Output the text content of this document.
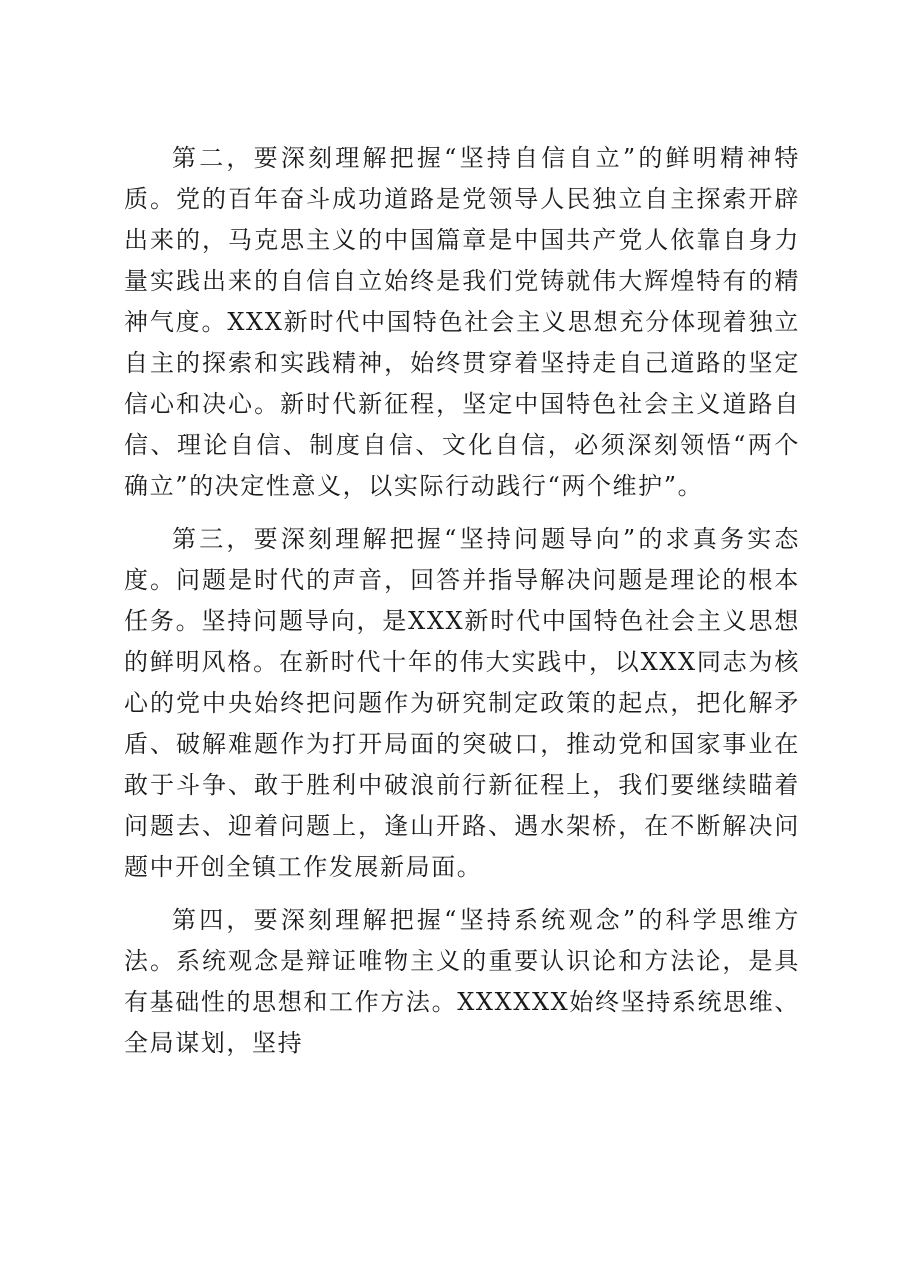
第二，要深刻理解把握“坚持自信自立”的鲜明精神特质。党的百年奋斗成功道路是党领导人民独立自主探索开辟出来的，马克思主义的中国篇章是中国共产党人依靠自身力量实践出来的自信自立始终是我们党铸就伟大辉煌特有的精神气度。XXX新时代中国特色社会主义思想充分体现着独立自主的探索和实践精神，始终贯穿着坚持走自己道路的坚定信心和决心。新时代新征程，坚定中国特色社会主义道路自信、理论自信、制度自信、文化自信，必须深刻领悟“两个确立”的决定性意义，以实际行动践行“两个维护”。

第三，要深刻理解把握“坚持问题导向”的求真务实态度。问题是时代的声音，回答并指导解决问题是理论的根本任务。坚持问题导向，是XXX新时代中国特色社会主义思想的鲜明风格。在新时代十年的伟大实践中，以XXX同志为核心的党中央始终把问题作为研究制定政策的起点，把化解矛盾、破解难题作为打开局面的突破口，推动党和国家事业在敢于斗争、敢于胜利中破浪前行新征程上，我们要继续瞄着问题去、迎着问题上，逢山开路、遇水架桥，在不断解决问题中开创全镇工作发展新局面。

第四，要深刻理解把握“坚持系统观念”的科学思维方法。系统观念是辩证唯物主义的重要认识论和方法论，是具有基础性的思想和工作方法。XXXXXX始终坚持系统思维、全局谋划，坚持
